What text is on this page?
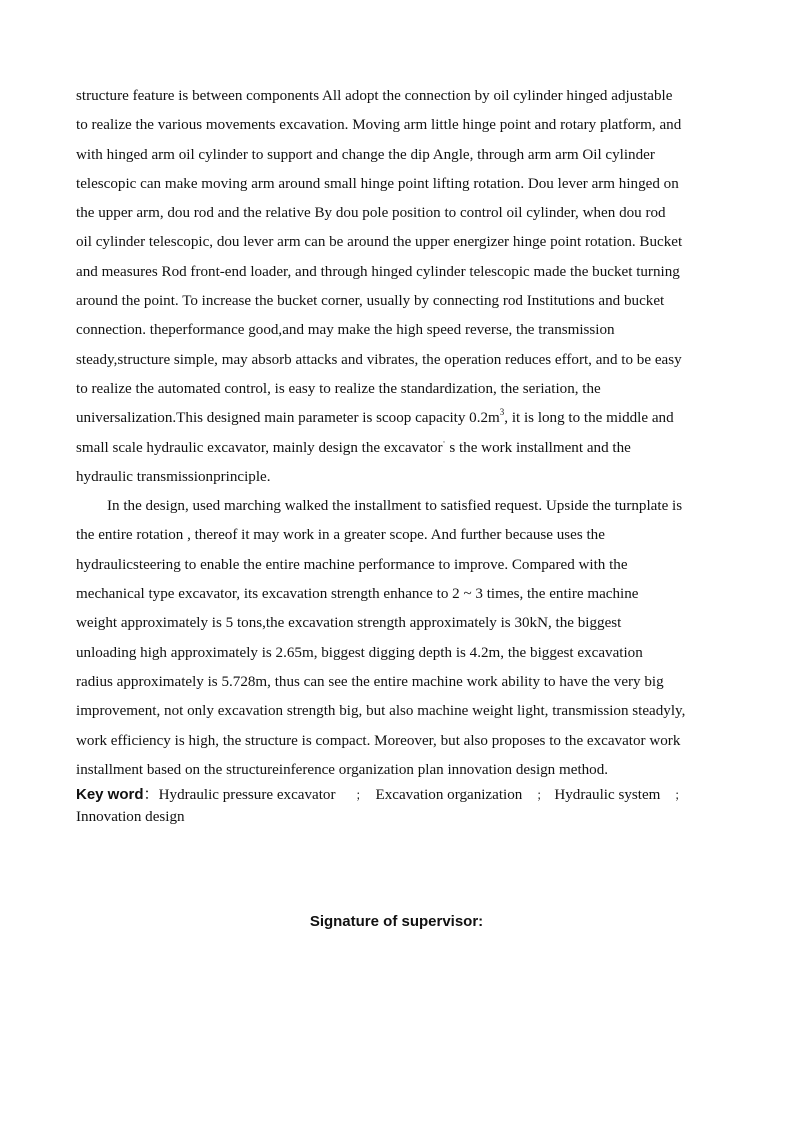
structure feature is between components All adopt the connection by oil cylinder hinged adjustable
to realize the various movements excavation. Moving arm little hinge point and rotary platform, and
with hinged arm oil cylinder to support and change the dip Angle, through arm arm Oil cylinder
telescopic can make moving arm around small hinge point lifting rotation. Dou lever arm hinged on
the upper arm, dou rod and the relative By dou pole position to control oil cylinder, when dou rod
oil cylinder telescopic, dou lever arm can be around the upper energizer hinge point rotation. Bucket
and measures Rod front-end loader, and through hinged cylinder telescopic made the bucket turning
around the point. To increase the bucket corner, usually by connecting rod Institutions and bucket
connection. theperformance good,and may make the high speed reverse, the transmission
steady,structure simple, may absorb attacks and vibrates, the operation reduces effort, and to be easy
to realize the automated control, is easy to realize the standardization, the seriation, the
universalization.This designed main parameter is scoop capacity $0.2m^3$, it is long to the middle and
small scale hydraulic excavator, mainly design the excavator· s the work installment and the
hydraulic transmissionprinciple.
In the design, used marching walked the installment to satisfied request. Upside the turnplate is
the entire rotation , thereof it may work in a greater scope. And further because uses the
hydraulicsteering to enable the entire machine performance to improve. Compared with the
mechanical type excavator, its excavation strength enhance to 2 ~ 3 times, the entire machine
weight approximately is 5 tons,the excavation strength approximately is 30kN, the biggest
unloading high approximately is 2.65m, biggest digging depth is 4.2m, the biggest excavation
radius approximately is 5.728m, thus can see the entire machine work ability to have the very big
improvement, not only excavation strength big, but also machine weight light, transmission steadyly,
work efficiency is high, the structure is compact. Moreover, but also proposes to the excavator work
installment based on the structureinference organization plan innovation design method.
Key word：Hydraulic pressure excavator ； Excavation organization ； Hydraulic system ；
Innovation design
Signature of supervisor:
